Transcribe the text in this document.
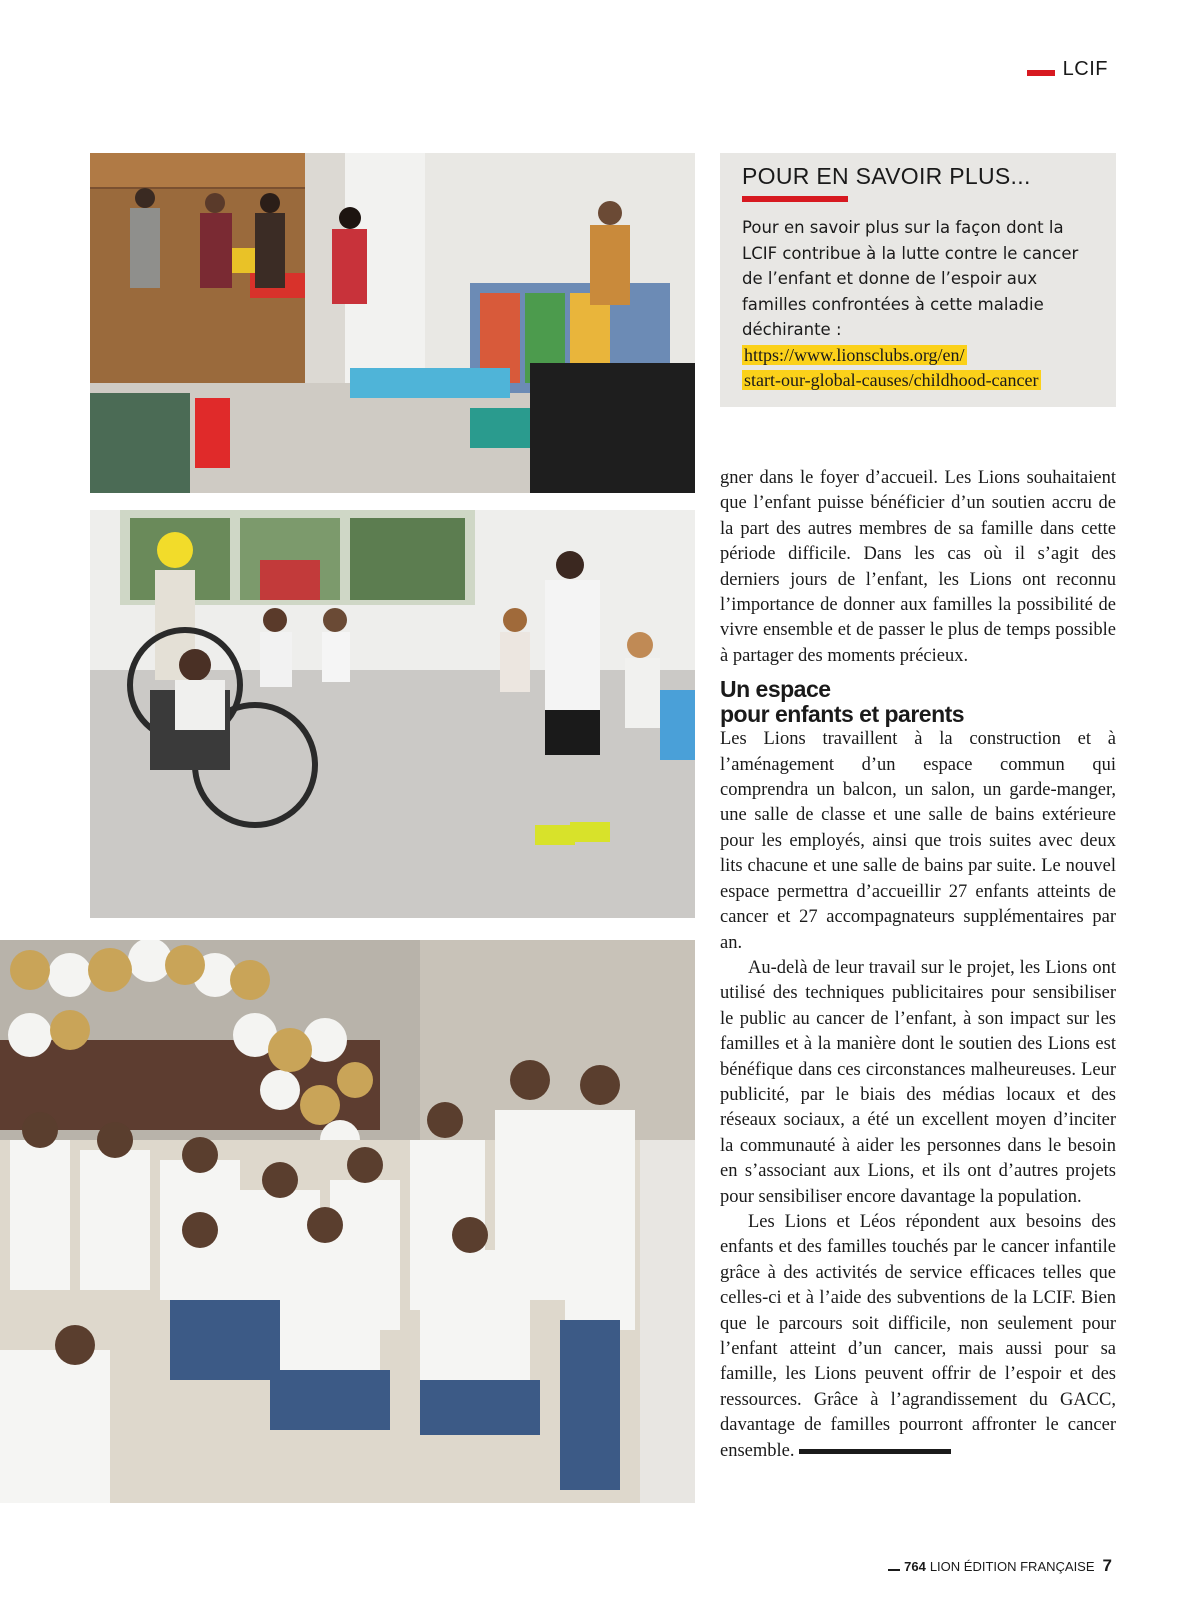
LCIF
POUR EN SAVOIR PLUS...
Pour en savoir plus sur la façon dont la LCIF contribue à la lutte contre le cancer de l’enfant et donne de l’espoir aux familles confrontées à cette maladie déchirante :
https://www.lionsclubs.org/en/
start-our-global-causes/childhood-cancer

gner dans le foyer d’accueil. Les Lions souhaitaient que l’enfant puisse bénéficier d’un soutien accru de la part des autres membres de sa famille dans cette période difficile. Dans les cas où il s’agit des derniers jours de l’enfant, les Lions ont reconnu l’importance de donner aux familles la possibilité de vivre ensemble et de passer le plus de temps possible à partager des moments précieux.

Un espace
pour enfants et parents

Les Lions travaillent à la construction et à l’aménagement d’un espace commun qui comprendra un balcon, un salon, un garde-manger, une salle de classe et une salle de bains extérieure pour les employés, ainsi que trois suites avec deux lits chacune et une salle de bains par suite. Le nouvel espace permettra d’accueillir 27 enfants atteints de cancer et 27 accompagnateurs supplémentaires par an.

Au-delà de leur travail sur le projet, les Lions ont utilisé des techniques publicitaires pour sensibiliser le public au cancer de l’enfant, à son impact sur les familles et à la manière dont le soutien des Lions est bénéfique dans ces circonstances malheureuses. Leur publicité, par le biais des médias locaux et des réseaux sociaux, a été un excellent moyen d’inciter la communauté à aider les personnes dans le besoin en s’associant aux Lions, et ils ont d’autres projets pour sensibiliser encore davantage la population.

Les Lions et Léos répondent aux besoins des enfants et des familles touchés par le cancer infantile grâce à des activités de service efficaces telles que celles-ci et à l’aide des subventions de la LCIF. Bien que le parcours soit difficile, non seulement pour l’enfant atteint d’un cancer, mais aussi pour sa famille, les Lions peuvent offrir de l’espoir et des ressources. Grâce à l’agrandissement du GACC, davantage de familles pourront affronter le cancer ensemble.

764 LION ÉDITION FRANÇAISE 7
